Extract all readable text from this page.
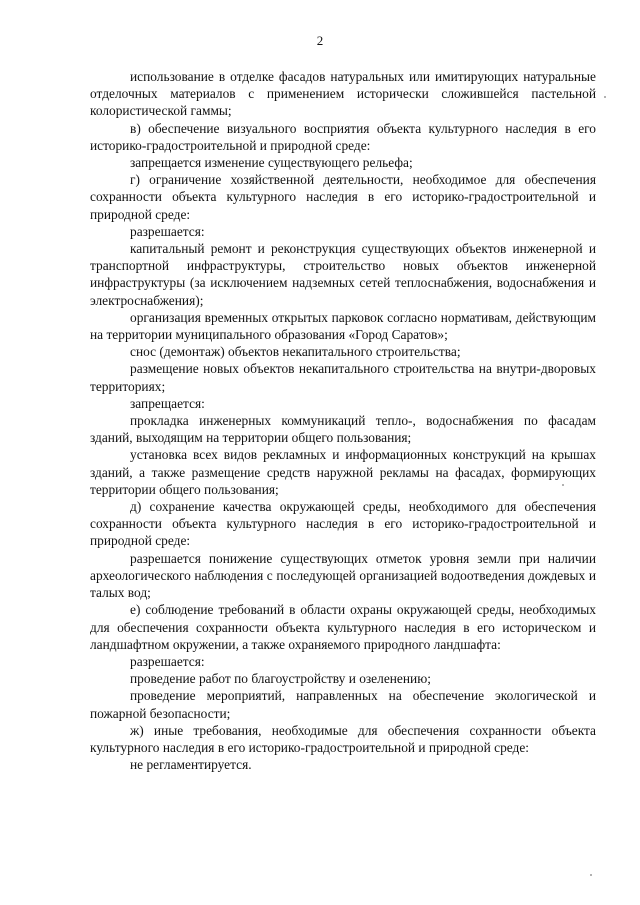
2

использование в отделке фасадов натуральных или имитирующих натуральные отделочных материалов с применением исторически сложившейся пастельной колористической гаммы;

в) обеспечение визуального восприятия объекта культурного наследия в его историко-градостроительной и природной среде:

запрещается изменение существующего рельефа;

г) ограничение хозяйственной деятельности, необходимое для обеспечения сохранности объекта культурного наследия в его историко-градостроительной и природной среде:

разрешается:

капитальный ремонт и реконструкция существующих объектов инженерной и транспортной инфраструктуры, строительство новых объектов инженерной инфраструктуры (за исключением надземных сетей теплоснабжения, водоснабжения и электроснабжения);

организация временных открытых парковок согласно нормативам, действующим на территории муниципального образования «Город Саратов»;

снос (демонтаж) объектов некапитального строительства;

размещение новых объектов некапитального строительства на внутри-дворовых территориях;

запрещается:

прокладка инженерных коммуникаций тепло-, водоснабжения по фасадам зданий, выходящим на территории общего пользования;

установка всех видов рекламных и информационных конструкций на крышах зданий, а также размещение средств наружной рекламы на фасадах, формирующих территории общего пользования;

д) сохранение качества окружающей среды, необходимого для обеспечения сохранности объекта культурного наследия в его историко-градостроительной и природной среде:

разрешается понижение существующих отметок уровня земли при наличии археологического наблюдения с последующей организацией водоотведения дождевых и талых вод;

е) соблюдение требований в области охраны окружающей среды, необходимых для обеспечения сохранности объекта культурного наследия в его историческом и ландшафтном окружении, а также охраняемого природного ландшафта:

разрешается:

проведение работ по благоустройству и озеленению;

проведение мероприятий, направленных на обеспечение экологической и пожарной безопасности;

ж) иные требования, необходимые для обеспечения сохранности объекта культурного наследия в его историко-градостроительной и природной среде:

не регламентируется.
